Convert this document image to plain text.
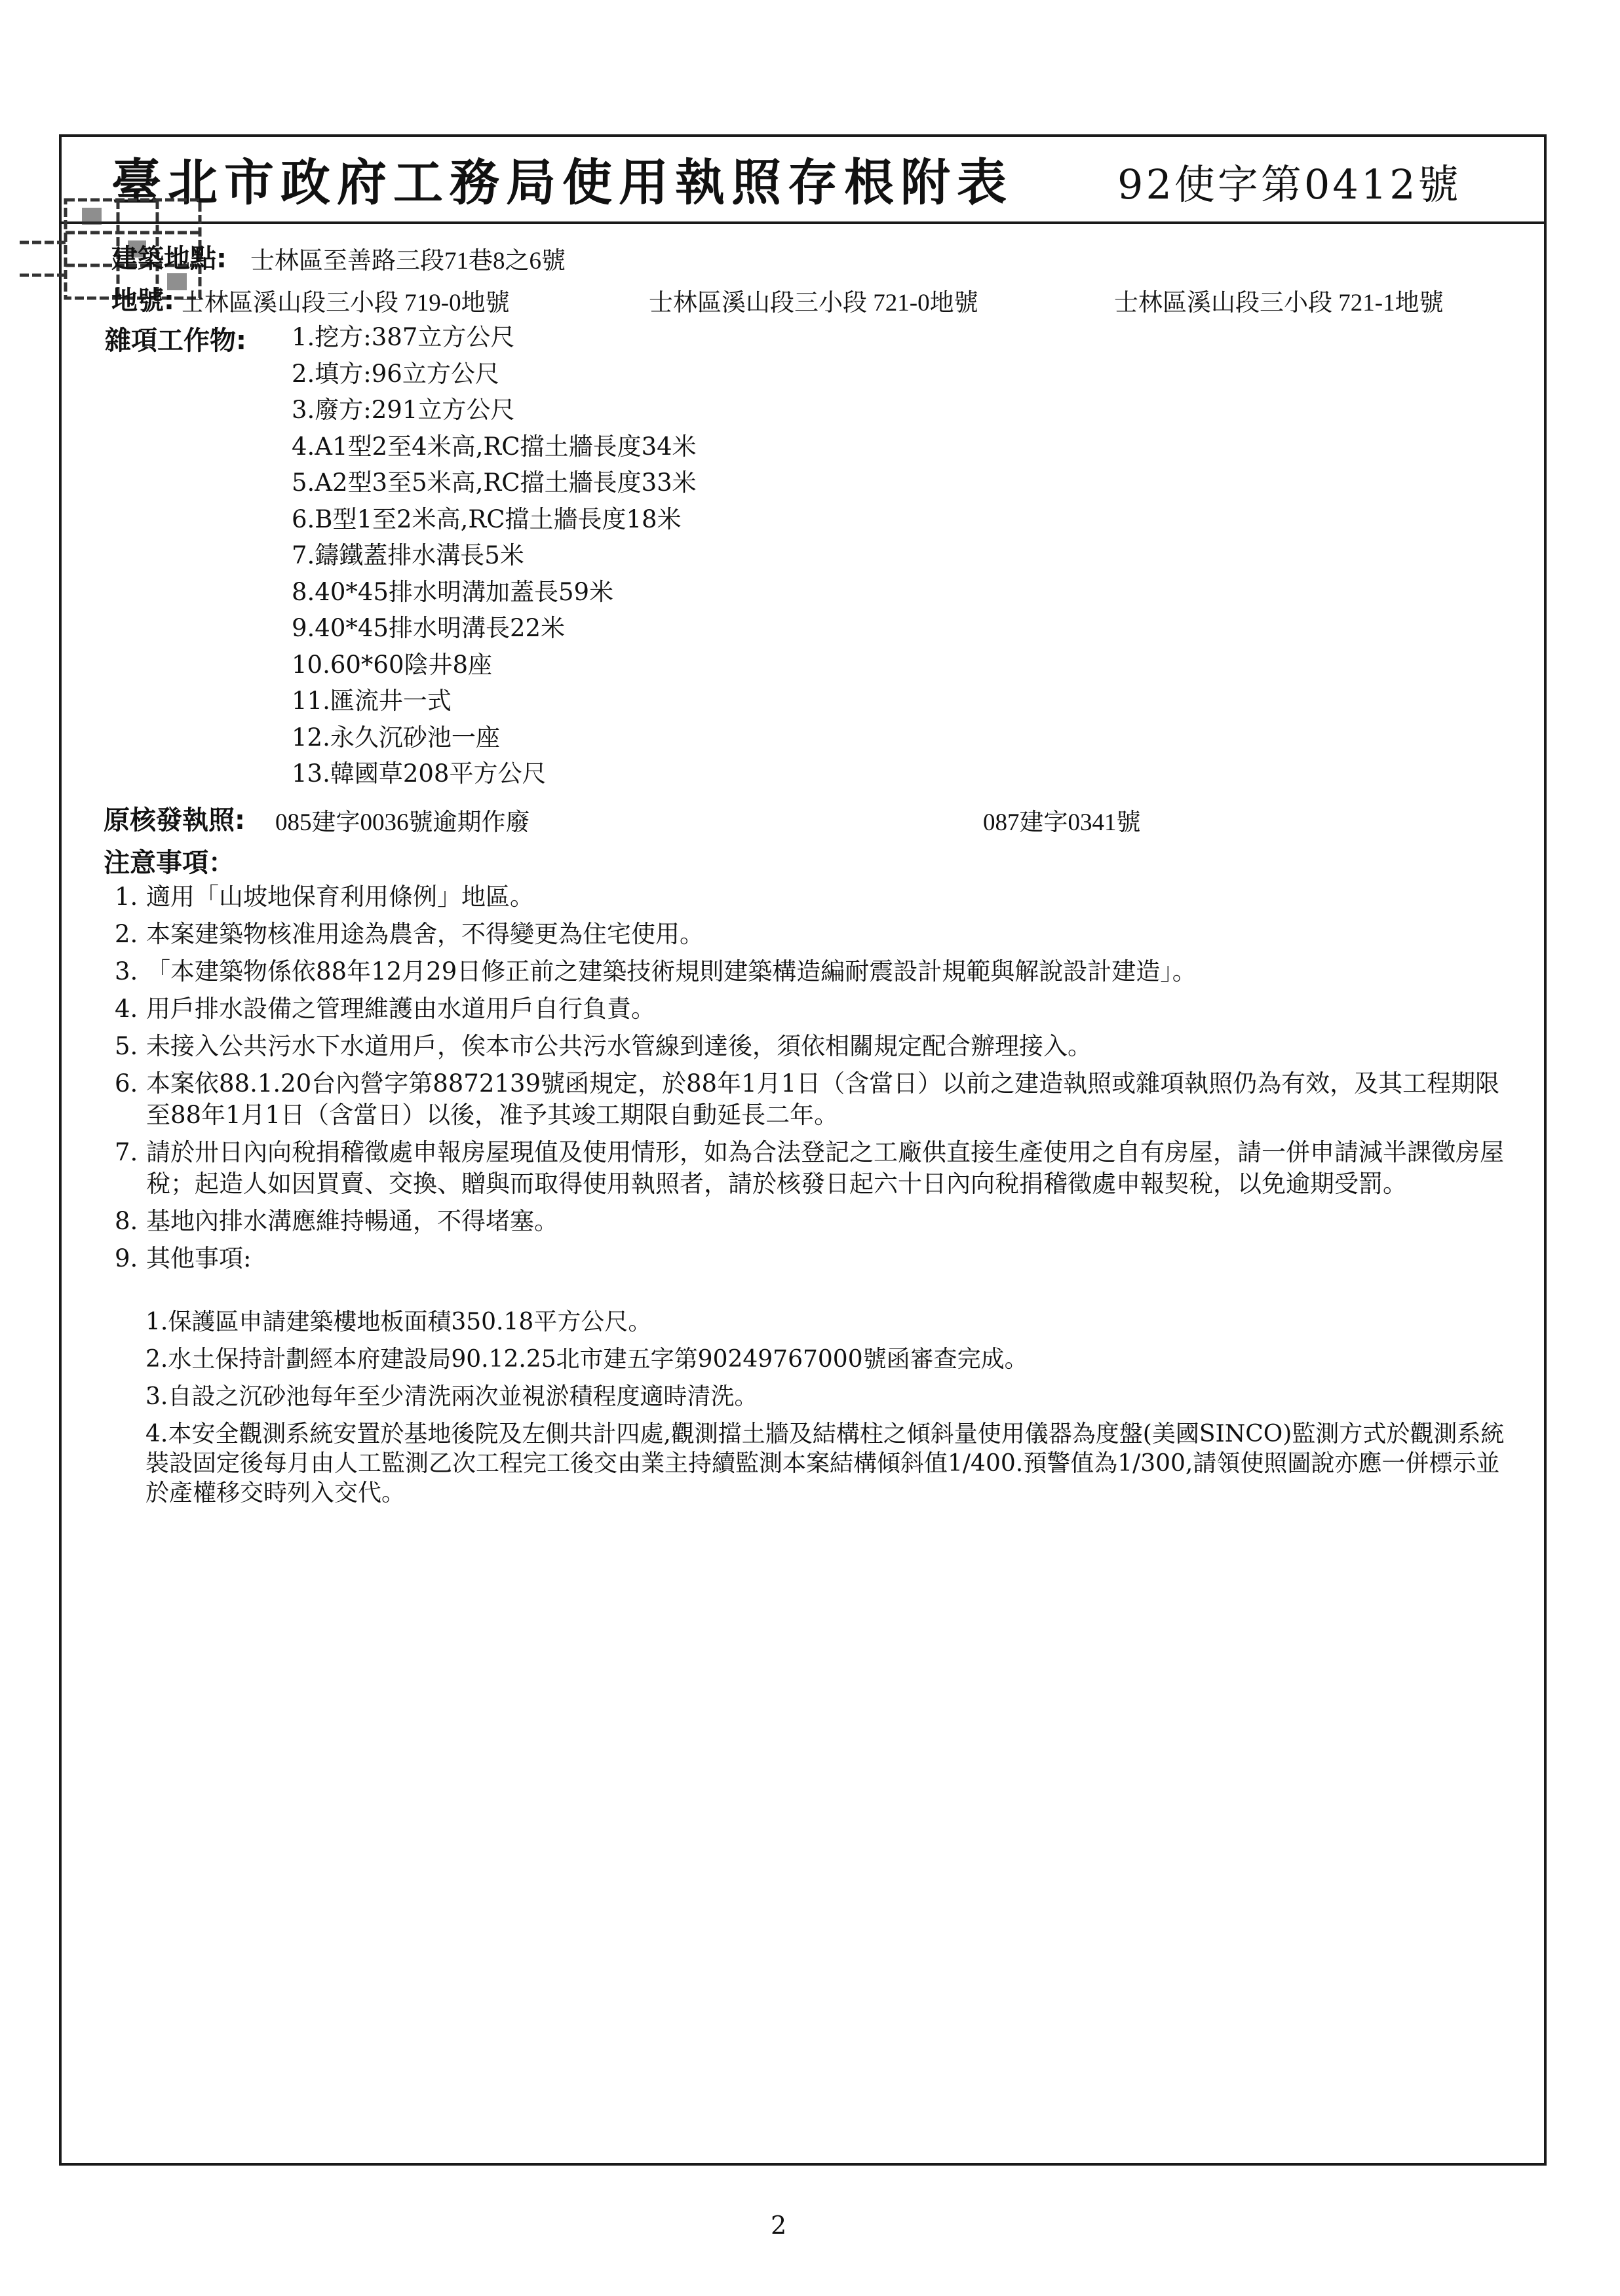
臺北市政府工務局使用執照存根附表	92使字第0412號
建築地點: 士林區至善路三段71巷8之6號
地號: 士林區溪山段三小段 719-0地號	士林區溪山段三小段 721-0地號	士林區溪山段三小段 721-1地號
雜項工作物: 1.挖方:387立方公尺
2.填方:96立方公尺
3.廢方:291立方公尺
4.A1型2至4米高,RC擋土牆長度34米
5.A2型3至5米高,RC擋土牆長度33米
6.B型1至2米高,RC擋土牆長度18米
7.鑄鐵蓋排水溝長5米
8.40*45排水明溝加蓋長59米
9.40*45排水明溝長22米
10.60*60陰井8座
11.匯流井一式
12.永久沉砂池一座
13.韓國草208平方公尺
原核發執照: 085建字0036號逾期作廢	087建字0341號
注意事項：
1. 適用「山坡地保育利用條例」地區。
2. 本案建築物核准用途為農舍，不得變更為住宅使用。
3. 「本建築物係依88年12月29日修正前之建築技術規則建築構造編耐震設計規範與解說設計建造」。
4. 用戶排水設備之管理維護由水道用戶自行負責。
5. 未接入公共污水下水道用戶，俟本市公共污水管線到達後，須依相關規定配合辦理接入。
6. 本案依88.1.20台內營字第8872139號函規定，於88年1月1日（含當日）以前之建造執照或雜項執照仍為有效，及其工程期限至88年1月1日（含當日）以後，准予其竣工期限自動延長二年。
7. 請於卅日內向稅捐稽徵處申報房屋現值及使用情形，如為合法登記之工廠供直接生產使用之自有房屋，請一併申請減半課徵房屋稅；起造人如因買賣、交換、贈與而取得使用執照者，請於核發日起六十日內向稅捐稽徵處申報契稅，以免逾期受罰。
8. 基地內排水溝應維持暢通，不得堵塞。
9. 其他事項:
1.保護區申請建築樓地板面積350.18平方公尺。
2.水土保持計劃經本府建設局90.12.25北市建五字第90249767000號函審查完成。
3.自設之沉砂池每年至少清洗兩次並視淤積程度適時清洗。
4.本安全觀測系統安置於基地後院及左側共計四處,觀測擋土牆及結構柱之傾斜量使用儀器為度盤(美國SINCO)監測方式於觀測系統裝設固定後每月由人工監測乙次工程完工後交由業主持續監測本案結構傾斜值1/400.預警值為1/300,請領使照圖說亦應一併標示並於產權移交時列入交代。
2
